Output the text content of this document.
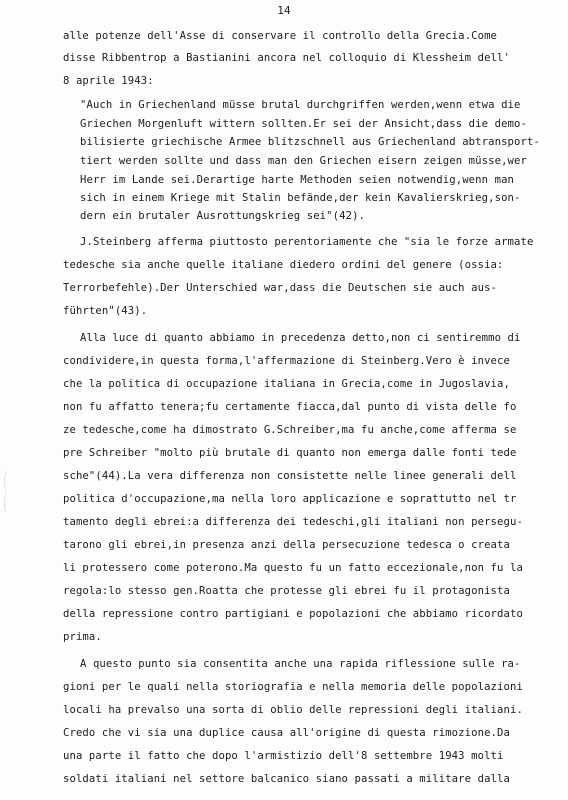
14
alle potenze dell'Asse di conservare il controllo della Grecia.Come
disse Ribbentrop a Bastianini ancora nel colloquio di Klessheim dell'
8 aprile 1943:
"Auch in Griechenland müsse brutal durchgriffen werden,wenn etwa die
Griechen Morgenluft wittern sollten.Er sei der Ansicht,dass die demo-
bilisierte griechische Armee blitzschnell aus Griechenland abtransport-
tiert werden sollte und dass man den Griechen eisern zeigen müsse,wer
Herr im Lande sei.Derartige harte Methoden seien notwendig,wenn man
sich in einem Kriege mit Stalin befände,der kein Kavalierskrieg,son-
dern ein brutaler Ausrottungskrieg sei"(42).
J.Steinberg afferma piuttosto perentoriamente che "sia le forze armate
tedesche sia anche quelle italiane diedero ordini del genere (ossia:
Terrorbefehle).Der Unterschied war,dass die Deutschen sie auch aus-
führten"(43).
Alla luce di quanto abbiamo in precedenza detto,non ci sentiremmo di
condividere,in questa forma,l'affermazione di Steinberg.Vero è invece
che la politica di occupazione italiana in Grecia,come in Jugoslavia,
non fu affatto tenera;fu certamente fiacca,dal punto di vista delle fo
ze tedesche,come ha dimostrato G.Schreiber,ma fu anche,come afferma se
pre Schreiber "molto più brutale di quanto non emerga dalle fonti tede
sche"(44).La vera differenza non consistette nelle linee generali dell
politica d'occupazione,ma nella loro applicazione e soprattutto nel tr
tamento degli ebrei:a differenza dei tedeschi,gli italiani non persegu-
tarono gli ebrei,in presenza anzi della persecuzione tedesca o creata
li protessero come poterono.Ma questo fu un fatto eccezionale,non fu la
regola:lo stesso gen.Roatta che protesse gli ebrei fu il protagonista
della repressione contro partigiani e popolazioni che abbiamo ricordato
prima.
A questo punto sia consentita anche una rapida riflessione sulle ra-
gioni per le quali nella storiografia e nella memoria delle popolazioni
locali ha prevalso una sorta di oblio delle repressioni degli italiani.
Credo che vi sia una duplice causa all'origine di questa rimozione.Da
una parte il fatto che dopo l'armistizio dell'8 settembre 1943 molti
soldati italiani nel settore balcanico siano passati a militare dalla
